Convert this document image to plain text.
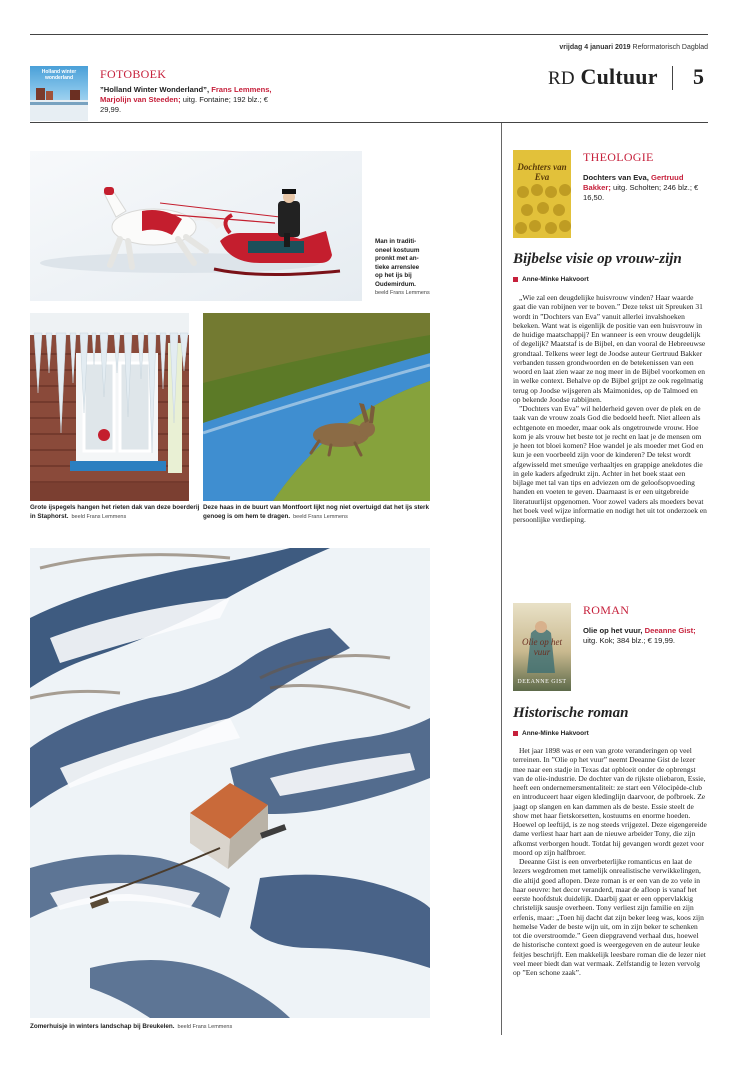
vrijdag 4 januari 2019 Reformatorisch Dagblad
RD Cultuur 5
Holland winter wonderland	FOTOBOEK
”Holland Winter Wonderland”, Frans Lemmens, Marjolijn van Steeden; uitg. Fontaine; 192 blz.; € 29,99.
Man in traditi-
oneel kostuum
pronkt met an-
tieke arrenslee
op het ijs bij
Oudemirdum.
beeld Frans Lemmens
Grote ijspegels hangen het rieten dak van deze boerderij in Staphorst. beeld Frans Lemmens
Deze haas in de buurt van Montfoort lijkt nog niet overtuigd dat het ijs sterk genoeg is om hem te dragen. beeld Frans Lemmens
Zomerhuisje in winters landschap bij Breukelen. beeld Frans Lemmens
Dochters van Eva
THEOLOGIE
Dochters van Eva, Gertruud Bakker; uitg. Scholten; 246 blz.; € 16,50.
Bijbelse visie op vrouw-zijn
Anne-Minke Hakvoort

„Wie zal een deugdelijke huisvrouw vinden? Haar waarde gaat die van robijnen ver te boven.” Deze tekst uit Spreuken 31 wordt in ”Dochters van Eva” vanuit allerlei invalshoeken bekeken. Want wat is eigenlijk de positie van een huisvrouw in de huidige maatschappij? En wanneer is een vrouw deugdelijk of degelijk? Maatstaf is de Bijbel, en dan vooral de Hebreeuwse grondtaal. Telkens weer legt de Joodse auteur Gertruud Bakker verbanden tussen grondwoorden en de betekenissen van een woord en laat zien waar ze nog meer in de Bijbel voorkomen en in welke context. Behalve op de Bijbel grijpt ze ook regelmatig terug op Joodse wijsgeren als Maimonides, op de Talmoed en op bekende Joodse rabbijnen.

”Dochters van Eva” wil helderheid geven over de plek en de taak van de vrouw zoals God die bedoeld heeft. Niet alleen als echtgenote en moeder, maar ook als ongetrouwde vrouw. Hoe kom je als vrouw het beste tot je recht en laat je de mensen om je heen tot bloei komen? Hoe wandel je als moeder met God en kun je een voorbeeld zijn voor de kinderen? De tekst wordt afgewisseld met smeuïge verhaaltjes en grappige anekdotes die in gele kaders afgedrukt zijn. Achter in het boek staat een bijlage met tal van tips en adviezen om de geloofsopvoeding handen en voeten te geven. Daarnaast is er een uitgebreide literatuurlijst opgenomen. Voor zowel vaders als moeders bevat het boek veel wijze informatie en nodigt het uit tot onderzoek en persoonlijke verdieping.

Olie op het vuur
DEEANNE GIST
ROMAN
Olie op het vuur, Deeanne Gist; uitg. Kok; 384 blz.; € 19,99.
Historische roman
Anne-Minke Hakvoort

Het jaar 1898 was er een van grote veranderingen op veel terreinen. In ”Olie op het vuur” neemt Deeanne Gist de lezer mee naar een stadje in Texas dat opbloeit onder de opbrengst van de olie-industrie. De dochter van de rijkste oliebaron, Essie, heeft een ondernemersmentaliteit: ze start een Vélocipède-club en introduceert haar eigen kledinglijn daarvoor, de pofbroek. Ze jaagt op slangen en kan dammen als de beste. Essie steelt de show met haar fietskorsetten, kostuums en enorme hoeden. Hoewel op leeftijd, is ze nog steeds vrijgezel. Deze eigengereide dame verliest haar hart aan de nieuwe arbeider Tony, die zijn afkomst verborgen houdt. Totdat hij gevangen wordt gezet voor moord op zijn halfbroer.

Deeanne Gist is een onverbeterlijke romanticus en laat de lezers wegdromen met tamelijk onrealistische verwikkelingen, die altijd goed aflopen. Deze roman is er een van de zo vele in haar oeuvre: het decor veranderd, maar de afloop is vanaf het eerste hoofdstuk duidelijk. Daarbij gaat er een oppervlakkig christelijk sausje overheen. Tony verliest zijn familie en zijn erfenis, maar: „Toen hij dacht dat zijn beker leeg was, koos zijn hemelse Vader de beste wijn uit, om in zijn beker te schenken tot die overstroomde.” Geen diepgravend verhaal dus, hoewel de historische context goed is weergegeven en de auteur leuke feitjes beschrijft. Een makkelijk leesbare roman die de lezer niet veel meer biedt dan wat vermaak. Zelfstandig te lezen vervolg op ”Een schone zaak”.
